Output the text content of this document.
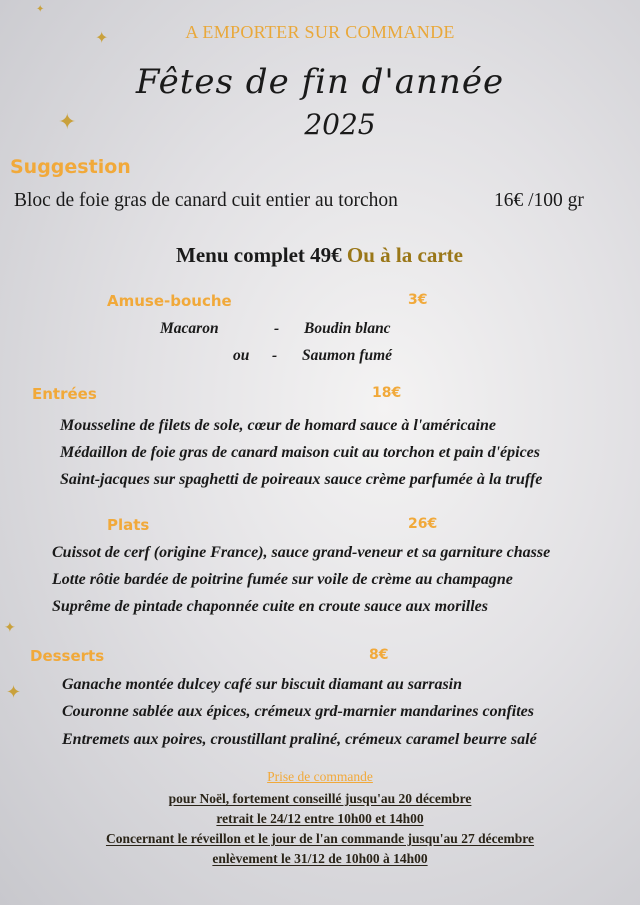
✦
✦
✦
✦
✦
A EMPORTER SUR COMMANDE
Fêtes de fin d'année
2025
Suggestion
Bloc de foie gras de canard cuit entier au torchon	16€ /100 gr
Menu complet 49€ Ou à la carte
Amuse-bouche	3€
Macaron	- Boudin blanc
ou - Saumon fumé
Entrées	18€
Mousseline de filets de sole, cœur de homard sauce à l'américaine
Médaillon de foie gras de canard maison cuit au torchon et pain d'épices
Saint-jacques sur spaghetti de poireaux sauce crème parfumée à la truffe
Plats	26€
Cuissot de cerf (origine France), sauce grand-veneur et sa garniture chasse
Lotte rôtie bardée de poitrine fumée sur voile de crème au champagne
Suprême de pintade chaponnée cuite en croute sauce aux morilles
Desserts	8€
Ganache montée dulcey café sur biscuit diamant au sarrasin
Couronne sablée aux épices, crémeux grd-marnier mandarines confites
Entremets aux poires, croustillant praliné, crémeux caramel beurre salé
Prise de commande
pour Noël, fortement conseillé jusqu'au 20 décembre
retrait le 24/12 entre 10h00 et 14h00
Concernant le réveillon et le jour de l'an commande jusqu'au 27 décembre
enlèvement le 31/12 de 10h00 à 14h00
